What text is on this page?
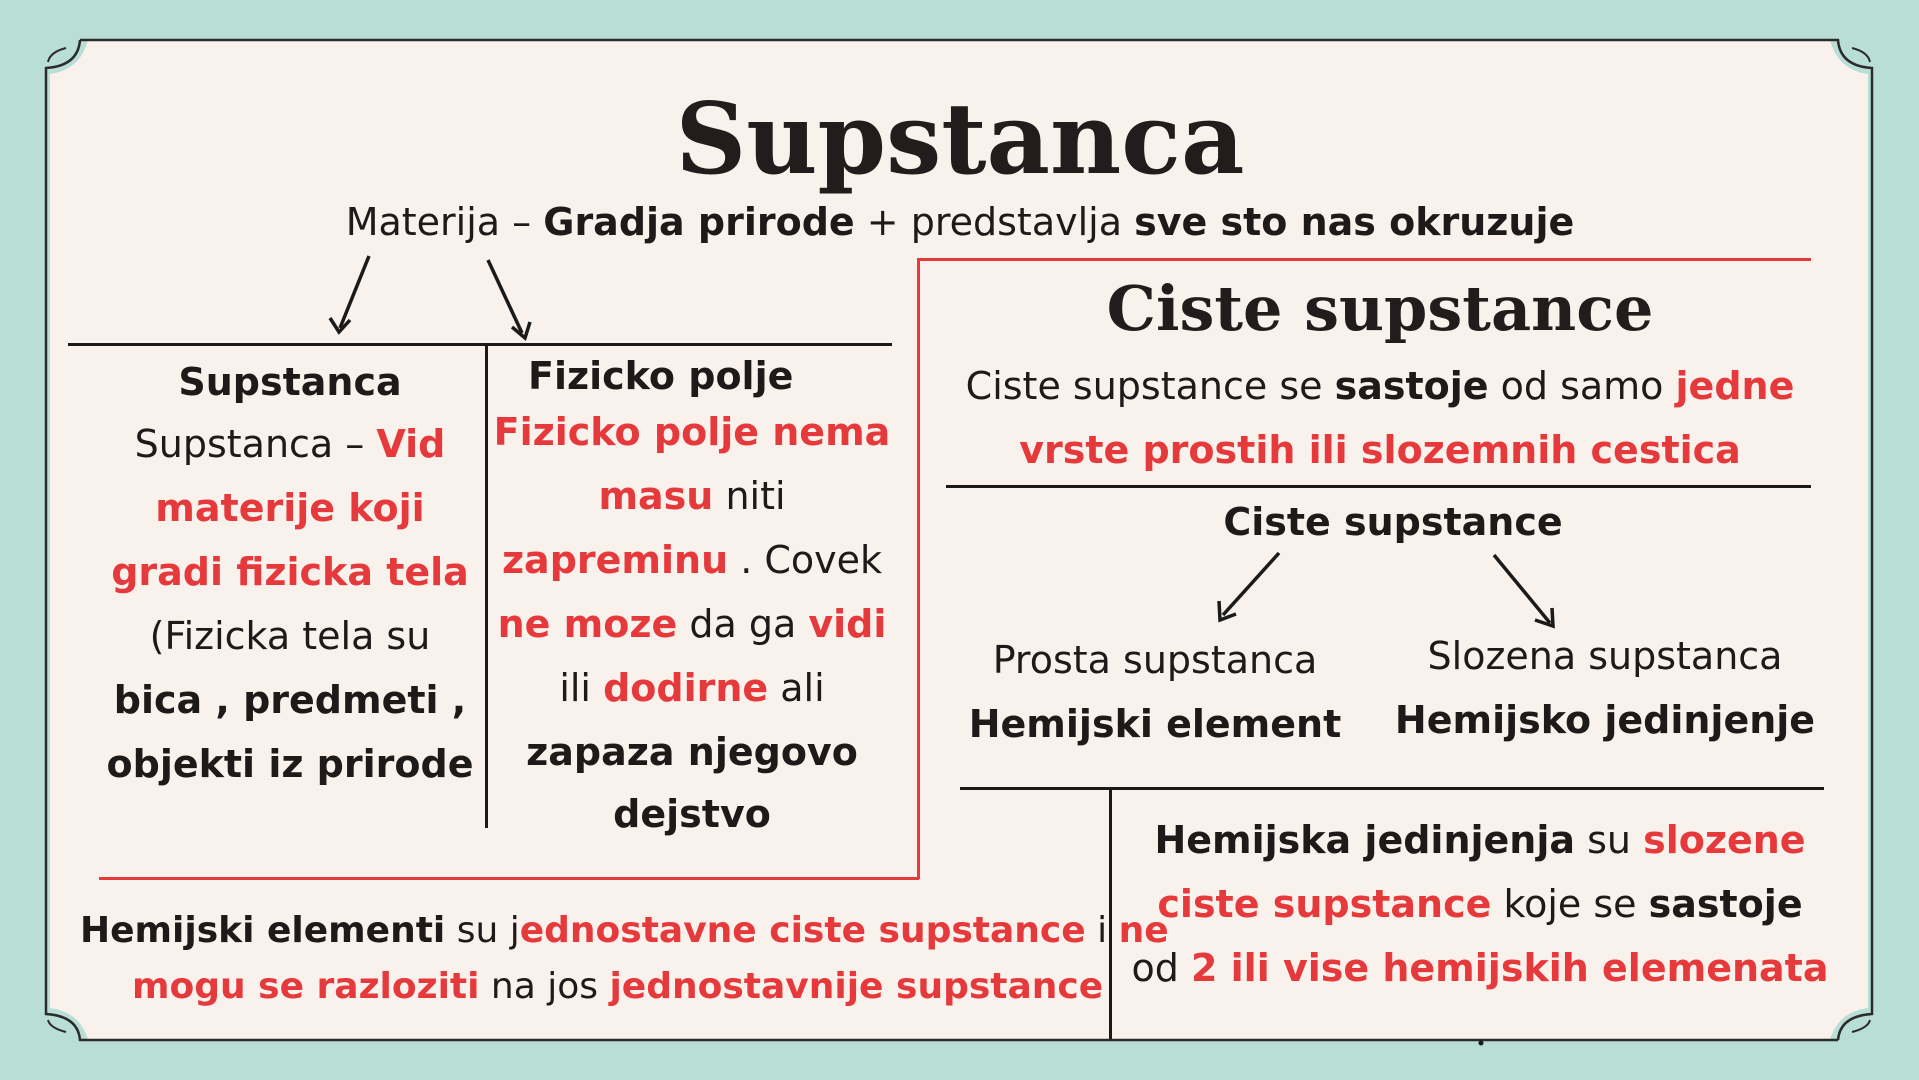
Supstanca
Materija – Gradja prirode + predstavlja sve sto nas okruzuje
Supstanca
Supstanca – Vid
materije koji
gradi fizicka tela
(Fizicka tela su
bica , predmeti ,
objekti iz prirode
Fizicko polje
Fizicko polje nema
masu niti
zapreminu . Covek
ne moze da ga vidi
ili dodirne ali
zapaza njegovo
dejstvo
Ciste supstance
Ciste supstance se sastoje od samo jedne
vrste prostih ili slozemnih cestica
Ciste supstance
Prosta supstanca
Hemijski element
Slozena supstanca
Hemijsko jedinjenje
Hemijski elementi su jednostavne ciste supstance i ne
mogu se razloziti na jos jednostavnije supstance
Hemijska jedinjenja su slozene
ciste supstance koje se sastoje
od 2 ili vise hemijskih elemenata
